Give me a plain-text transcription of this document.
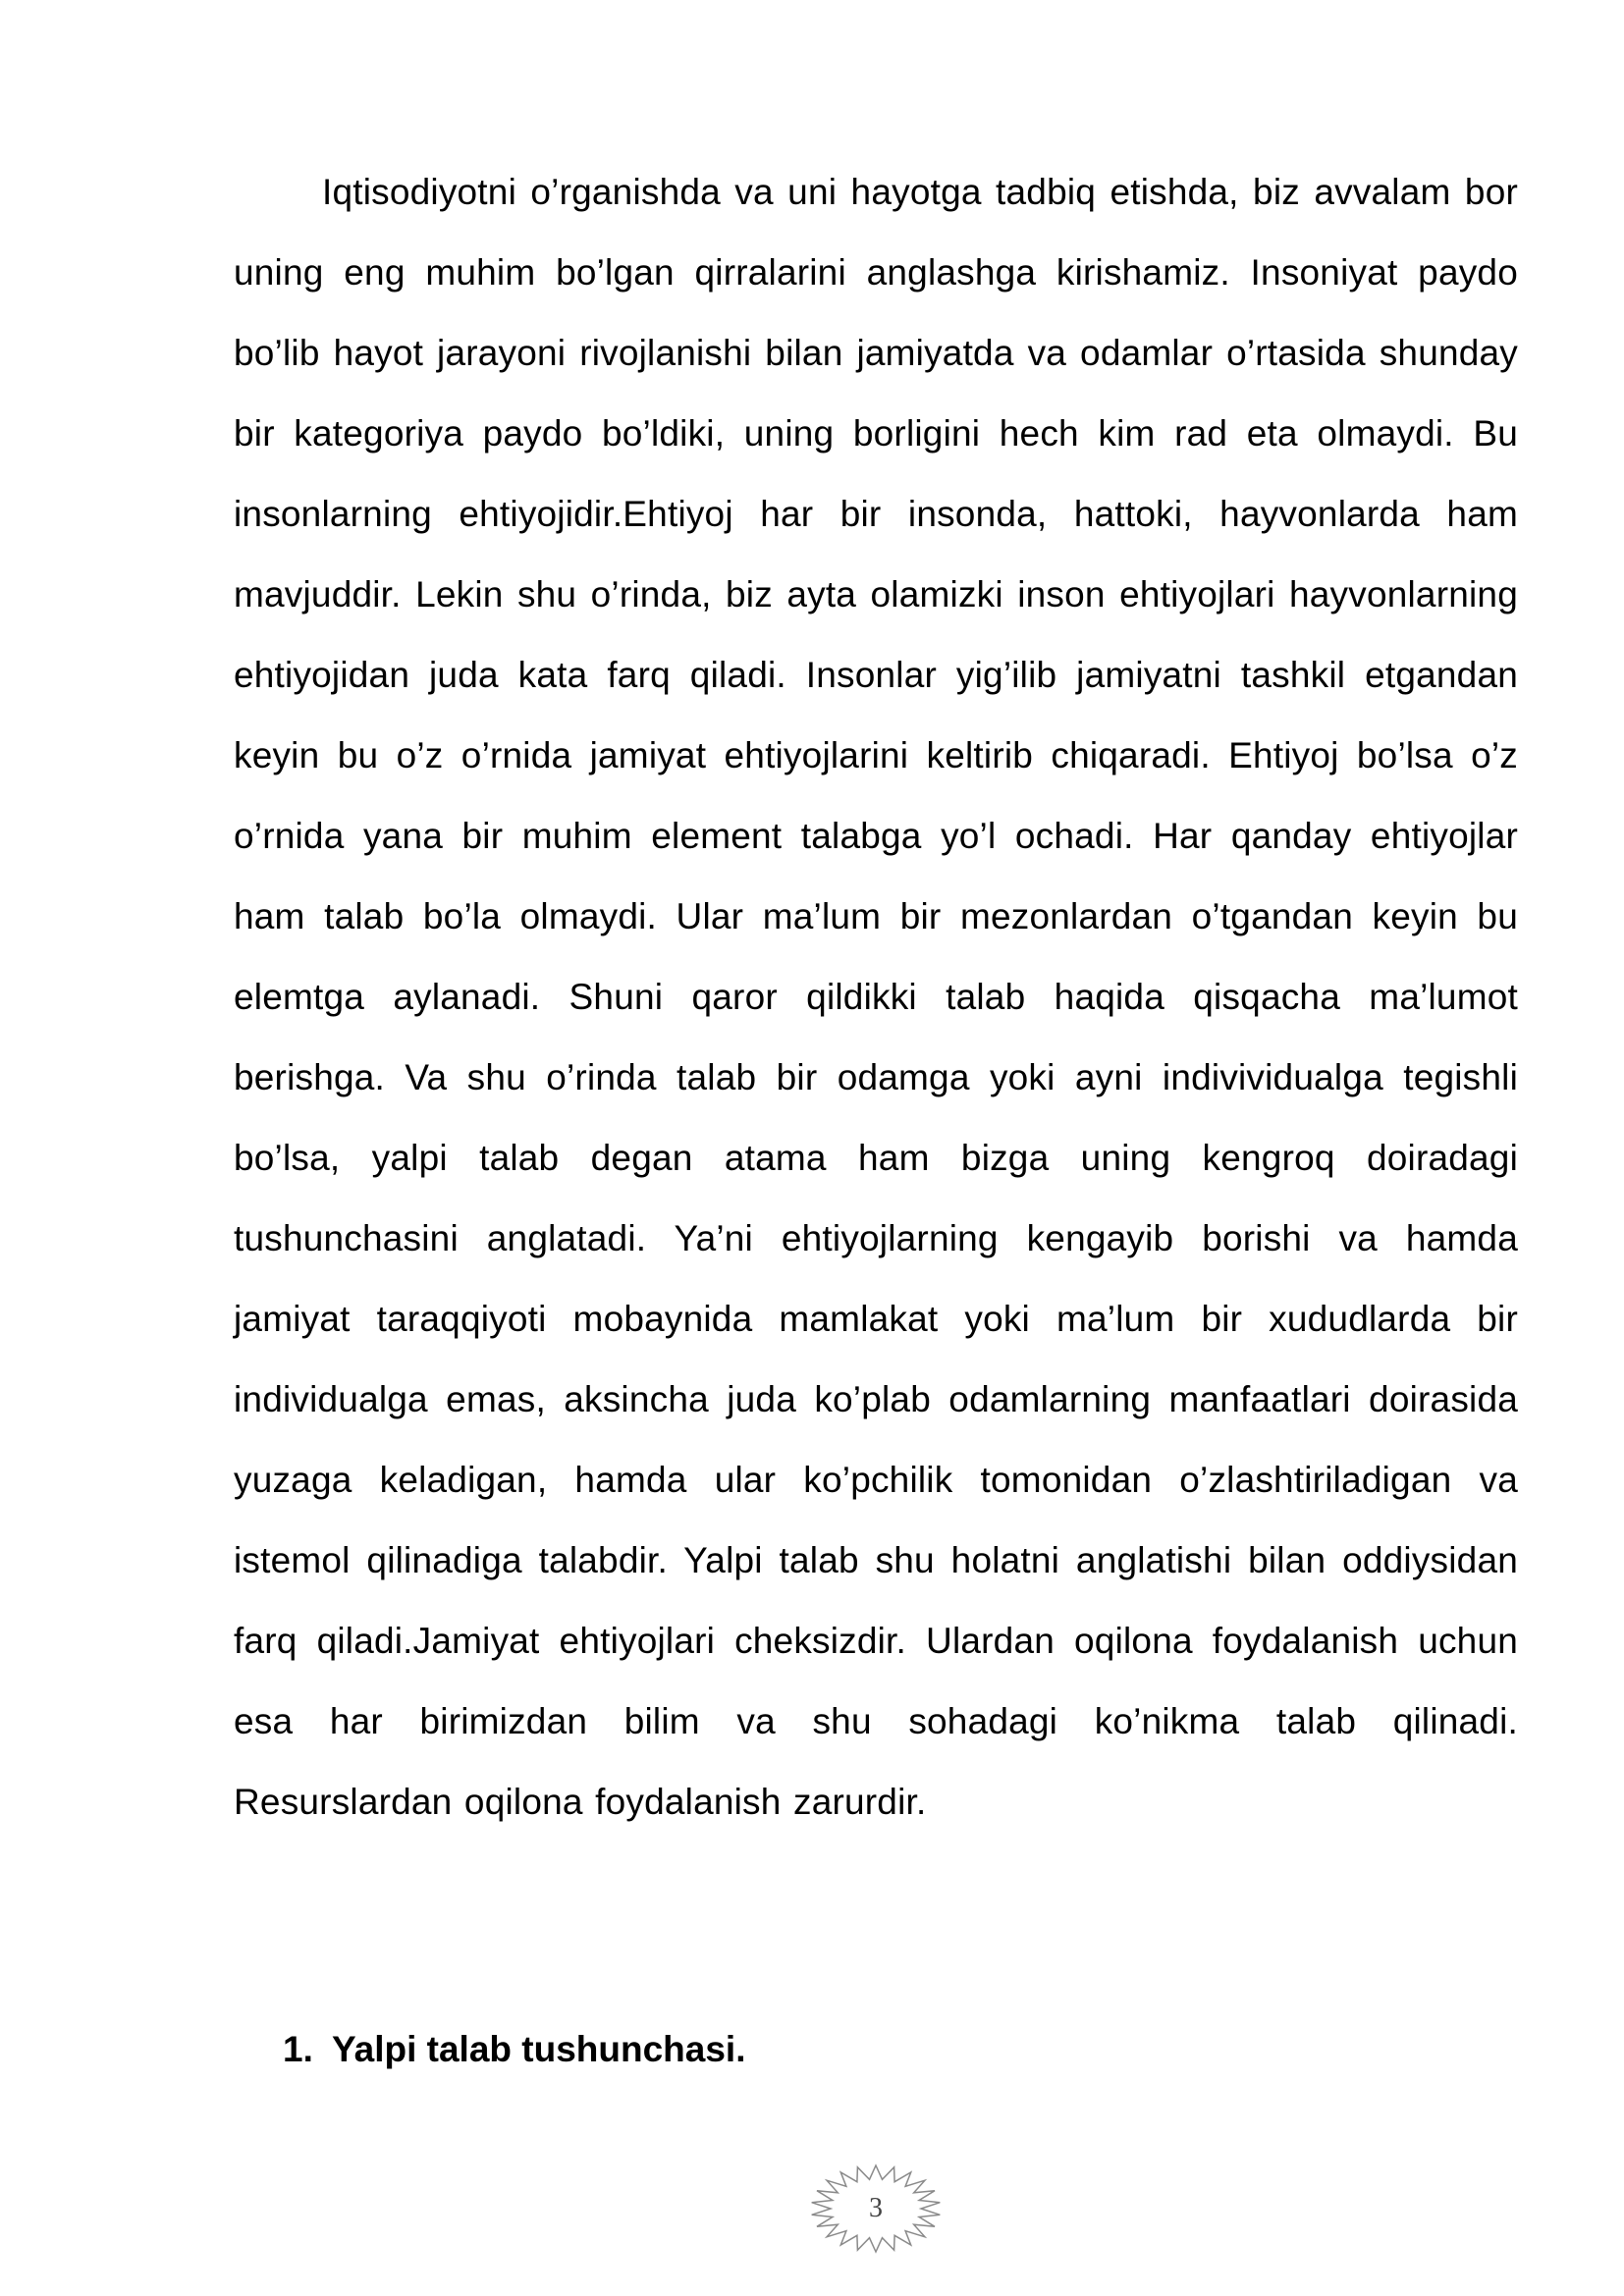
Iqtisodiyotni o’rganishda va uni hayotga tadbiq etishda, biz avvalam bor uning eng muhim bo’lgan qirralarini anglashga kirishamiz. Insoniyat paydo bo’lib hayot jarayoni rivojlanishi bilan jamiyatda va odamlar o’rtasida shunday bir kategoriya paydo bo’ldiki, uning borligini hech kim rad eta olmaydi. Bu insonlarning ehtiyojidir.Ehtiyoj har bir insonda, hattoki, hayvonlarda ham mavjuddir. Lekin shu o’rinda, biz ayta olamizki inson ehtiyojlari hayvonlarning ehtiyojidan juda kata farq qiladi. Insonlar yig’ilib jamiyatni tashkil etgandan keyin bu o’z o’rnida jamiyat ehtiyojlarini keltirib chiqaradi. Ehtiyoj bo’lsa o’z o’rnida yana bir muhim element talabga yo’l ochadi. Har qanday ehtiyojlar ham talab bo’la olmaydi. Ular ma’lum bir mezonlardan o’tgandan keyin bu elemtga aylanadi. Shuni qaror qildikki talab haqida qisqacha ma’lumot berishga. Va shu o’rinda talab bir odamga yoki ayni indivividualga tegishli bo’lsa, yalpi talab degan atama ham bizga uning kengroq doiradagi tushunchasini anglatadi. Ya’ni ehtiyojlarning kengayib borishi va hamda jamiyat taraqqiyoti mobaynida mamlakat yoki ma’lum bir xududlarda bir individualga emas, aksincha juda ko’plab odamlarning manfaatlari doirasida yuzaga keladigan, hamda ular ko’pchilik tomonidan o’zlashtiriladigan va istemol qilinadiga talabdir. Yalpi talab shu holatni anglatishi bilan oddiysidan farq qiladi.Jamiyat ehtiyojlari cheksizdir. Ulardan oqilona foydalanish uchun esa har birimizdan bilim va shu sohadagi ko’nikma talab qilinadi. Resurslardan oqilona foydalanish zarurdir.

1. Yalpi talab tushunchasi.
3
